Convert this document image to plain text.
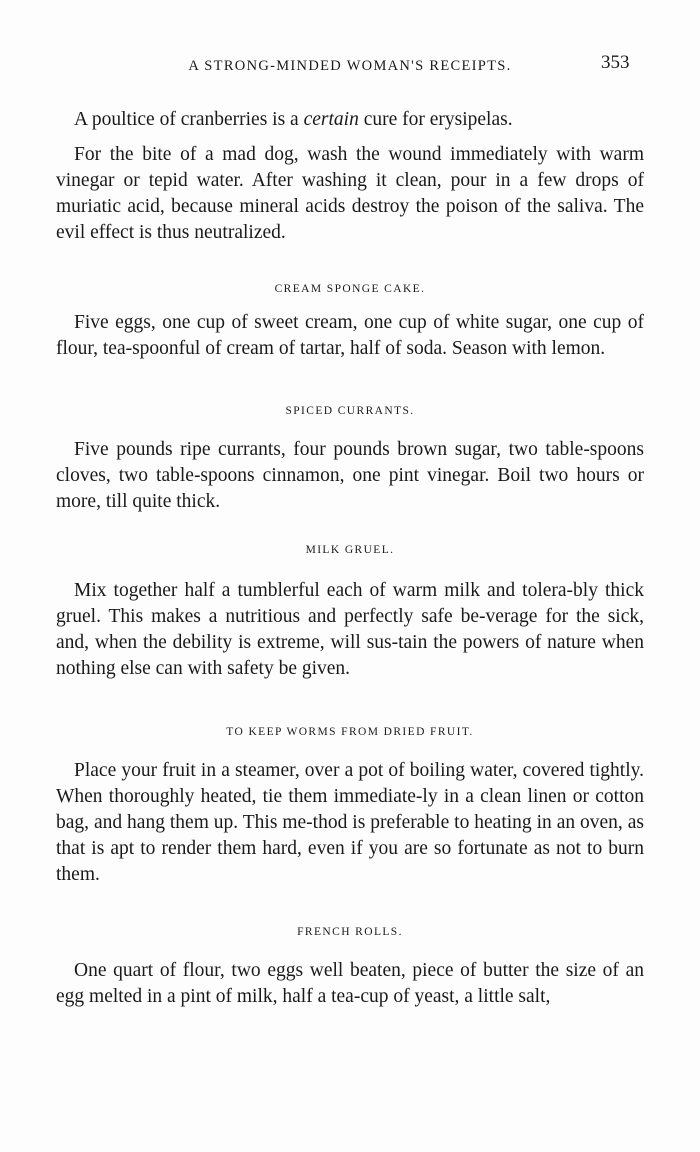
A STRONG-MINDED WOMAN'S RECEIPTS.	353

A poultice of cranberries is a certain cure for erysipelas.

For the bite of a mad dog, wash the wound immediately with warm vinegar or tepid water. After washing it clean, pour in a few drops of muriatic acid, because mineral acids destroy the poison of the saliva. The evil effect is thus neutralized.

CREAM SPONGE CAKE.

Five eggs, one cup of sweet cream, one cup of white sugar, one cup of flour, tea-spoonful of cream of tartar, half of soda. Season with lemon.

SPICED CURRANTS.

Five pounds ripe currants, four pounds brown sugar, two table-spoons cloves, two table-spoons cinnamon, one pint vinegar. Boil two hours or more, till quite thick.

MILK GRUEL.

Mix together half a tumblerful each of warm milk and tolera-bly thick gruel. This makes a nutritious and perfectly safe be-verage for the sick, and, when the debility is extreme, will sus-tain the powers of nature when nothing else can with safety be given.

TO KEEP WORMS FROM DRIED FRUIT.

Place your fruit in a steamer, over a pot of boiling water, covered tightly. When thoroughly heated, tie them immediate-ly in a clean linen or cotton bag, and hang them up. This me-thod is preferable to heating in an oven, as that is apt to render them hard, even if you are so fortunate as not to burn them.

FRENCH ROLLS.

One quart of flour, two eggs well beaten, piece of butter the size of an egg melted in a pint of milk, half a tea-cup of yeast, a little salt,
